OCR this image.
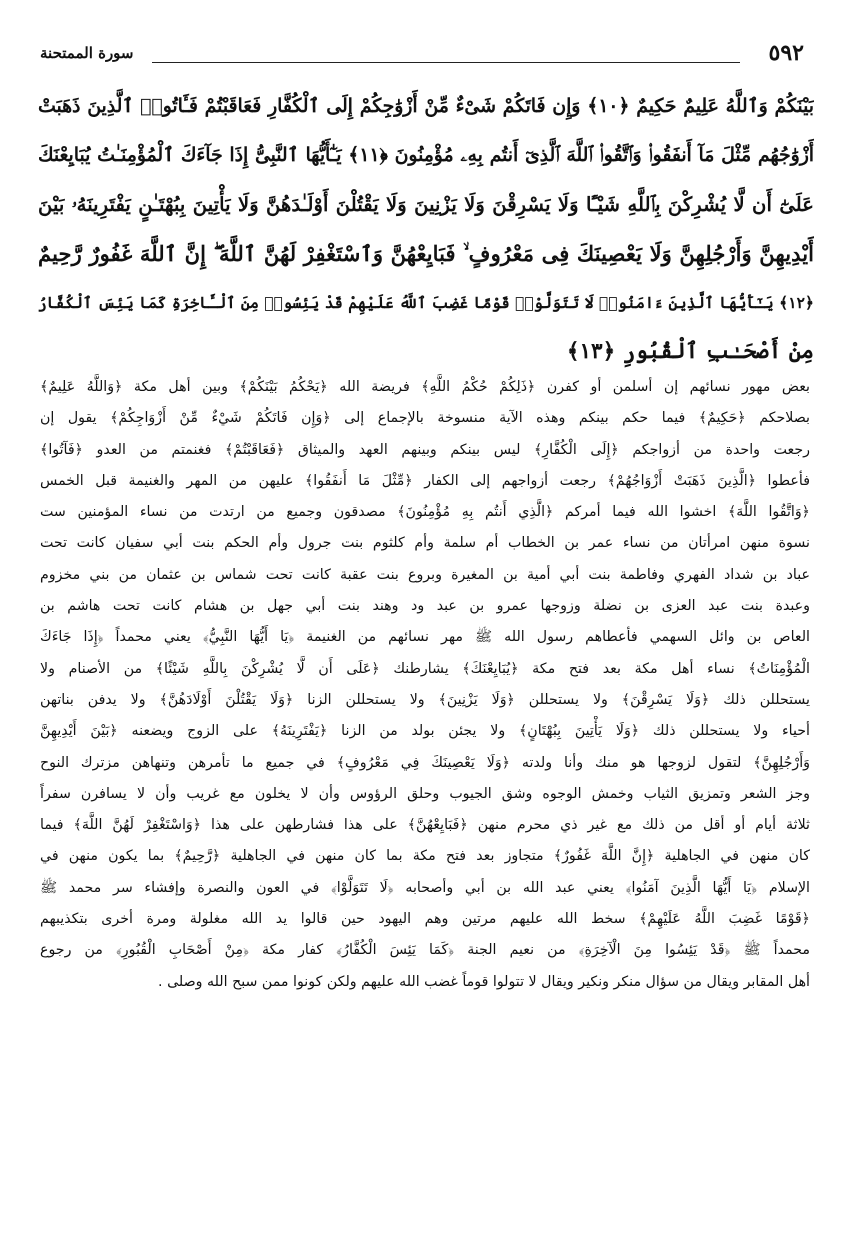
٥٩٢
سورة الممتحنة
بَيْنَكُمْ وَٱللَّهُ عَلِيمٌ حَكِيمٌ ﴿١٠﴾ وَإِن فَاتَكُمْ شَىْءٌ مِّنْ أَزْوَٰجِكُمْ إِلَى ٱلْكُفَّارِ فَعَاقَبْتُمْ فَـَٔاتُوا۟ ٱلَّذِينَ ذَهَبَتْ
أَزْوَٰجُهُم مِّثْلَ مَآ أَنفَقُوا۟ وَٱتَّقُوا۟ ٱللَّهَ ٱلَّذِىٓ أَنتُم بِهِۦ مُؤْمِنُونَ ﴿١١﴾ يَـٰٓأَيُّهَا ٱلنَّبِىُّ إِذَا جَآءَكَ ٱلْمُؤْمِنَـٰتُ يُبَايِعْنَكَ
عَلَىٰٓ أَن لَّا يُشْرِكْنَ بِٱللَّهِ شَيْـًٔا وَلَا يَسْرِقْنَ وَلَا يَزْنِينَ وَلَا يَقْتُلْنَ أَوْلَـٰدَهُنَّ وَلَا يَأْتِينَ بِبُهْتَـٰنٍ يَفْتَرِينَهُۥ بَيْنَ
أَيْدِيهِنَّ وَأَرْجُلِهِنَّ وَلَا يَعْصِينَكَ فِى مَعْرُوفٍ ۙ فَبَايِعْهُنَّ وَٱسْتَغْفِرْ لَهُنَّ ٱللَّهَ ۖ إِنَّ ٱللَّهَ غَفُورٌ رَّحِيمٌ
﴿١٢﴾ يَـٰٓأَيُّهَا ٱلَّذِينَ ءَامَنُوا۟ لَا تَتَوَلَّوْا۟ قَوْمًا غَضِبَ ٱللَّهُ عَلَيْهِمْ قَدْ يَئِسُوا۟ مِنَ ٱلْـَٔاخِرَةِ كَمَا يَئِسَ ٱلْكُفَّارُ
مِنْ أَصْحَـٰبِ ٱلْقُبُورِ ﴿١٣﴾
بعض مهور نسائهم إن أسلمن أو كفرن ﴿ذَلِكُمْ حُكْمُ اللَّهِ﴾ فريضة الله ﴿يَحْكُمُ بَيْنَكُمْ﴾ وبين أهل مكة ﴿وَاللَّهُ عَلِيمٌ﴾
بصلاحكم ﴿حَكِيمٌ﴾ فيما حكم بينكم وهذه الآية منسوخة بالإجماع إلى ﴿وَإِن فَاتَكُمْ شَيْءٌ مِّنْ أَزْوَاجِكُمْ﴾ يقول إن
رجعت واحدة من أزواجكم ﴿إِلَى الْكُفَّارِ﴾ ليس بينكم وبينهم العهد والميثاق ﴿فَعَاقَبْتُمْ﴾ فغنمتم من العدو ﴿فَآتُوا﴾
فأعطوا ﴿الَّذِينَ ذَهَبَتْ أَزْوَاجُهُمْ﴾ رجعت أزواجهم إلى الكفار ﴿مِّثْلَ مَا أَنفَقُوا﴾ عليهن من المهر والغنيمة قبل الخمس
﴿وَاتَّقُوا اللَّهَ﴾ اخشوا الله فيما أمركم ﴿الَّذِي أَنتُم بِهِ مُؤْمِنُونَ﴾ مصدقون وجميع من ارتدت من نساء المؤمنين ست
نسوة منهن امرأتان من نساء عمر بن الخطاب أم سلمة وأم كلثوم بنت جرول وأم الحكم بنت أبي سفيان كانت تحت
عباد بن شداد الفهري وفاطمة بنت أبي أمية بن المغيرة وبروع بنت عقبة كانت تحت شماس بن عثمان من بني مخزوم
وعبدة بنت عبد العزى بن نضلة وزوجها عمرو بن عبد ود وهند بنت أبي جهل بن هشام كانت تحت هاشم بن
العاص بن وائل السهمي فأعطاهم رسول الله ﷺ مهر نسائهم من الغنيمة ﴿يَا أَيُّهَا النَّبِيُّ﴾ يعني محمداً ﴿إِذَا جَاءَكَ
الْمُؤْمِنَاتُ﴾ نساء أهل مكة بعد فتح مكة ﴿يُبَايِعْنَكَ﴾ يشارطنك ﴿عَلَى أَن لَّا يُشْرِكْنَ بِاللَّهِ شَيْئًا﴾ من الأصنام ولا
يستحللن ذلك ﴿وَلَا يَسْرِقْنَ﴾ ولا يستحللن ﴿وَلَا يَزْنِينَ﴾ ولا يستحللن الزنا ﴿وَلَا يَقْتُلْنَ أَوْلَادَهُنَّ﴾ ولا يدفن بناتهن
أحياء ولا يستحللن ذلك ﴿وَلَا يَأْتِينَ بِبُهْتَانٍ﴾ ولا يجئن بولد من الزنا ﴿يَفْتَرِينَهُ﴾ على الزوج ويضعنه ﴿بَيْنَ أَيْدِيهِنَّ
وَأَرْجُلِهِنَّ﴾ لتقول لزوجها هو منك وأنا ولدته ﴿وَلَا يَعْصِينَكَ فِي مَعْرُوفٍ﴾ في جميع ما تأمرهن وتنهاهن مزترك النوح
وجز الشعر وتمزيق الثياب وخمش الوجوه وشق الجيوب وحلق الرؤوس وأن لا يخلون مع غريب وأن لا يسافرن سفراً
ثلاثة أيام أو أقل من ذلك مع غير ذي محرم منهن ﴿فَبَايِعْهُنَّ﴾ على هذا فشارطهن على هذا ﴿وَاسْتَغْفِرْ لَهُنَّ اللَّهَ﴾ فيما
كان منهن في الجاهلية ﴿إِنَّ اللَّهَ غَفُورٌ﴾ متجاوز بعد فتح مكة بما كان منهن في الجاهلية ﴿رَّحِيمٌ﴾ بما يكون منهن في
الإسلام ﴿يَا أَيُّهَا الَّذِينَ آمَنُوا﴾ يعني عبد الله بن أبي وأصحابه ﴿لَا تَتَوَلَّوْا﴾ في العون والنصرة وإفشاء سر محمد ﷺ
﴿قَوْمًا غَضِبَ اللَّهُ عَلَيْهِمْ﴾ سخط الله عليهم مرتين وهم اليهود حين قالوا يد الله مغلولة ومرة أخرى بتكذيبهم
محمداً ﷺ ﴿قَدْ يَئِسُوا مِنَ الْآخِرَةِ﴾ من نعيم الجنة ﴿كَمَا يَئِسَ الْكُفَّارُ﴾ كفار مكة ﴿مِنْ أَصْحَابِ الْقُبُورِ﴾ من رجوع
أهل المقابر ويقال من سؤال منكر ونكير ويقال لا تتولوا قوماً غضب الله عليهم ولكن كونوا ممن سبح الله وصلى .
